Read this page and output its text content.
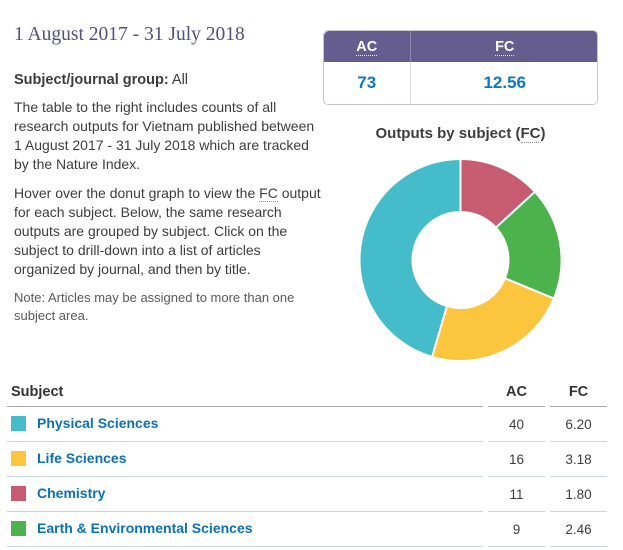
1 August 2017 - 31 July 2018

Subject/journal group: All

The table to the right includes counts of all research outputs for Vietnam published between 1 August 2017 - 31 July 2018 which are tracked by the Nature Index.

Hover over the donut graph to view the FC output for each subject. Below, the same research outputs are grouped by subject. Click on the subject to drill-down into a list of articles organized by journal, and then by title.

Note: Articles may be assigned to more than one subject area.

AC	FC
73	12.56
Outputs by subject (FC)
Subject	AC	FC
Physical Sciences	40	6.20
Life Sciences	16	3.18
Chemistry	11	1.80
Earth & Environmental Sciences	9	2.46
